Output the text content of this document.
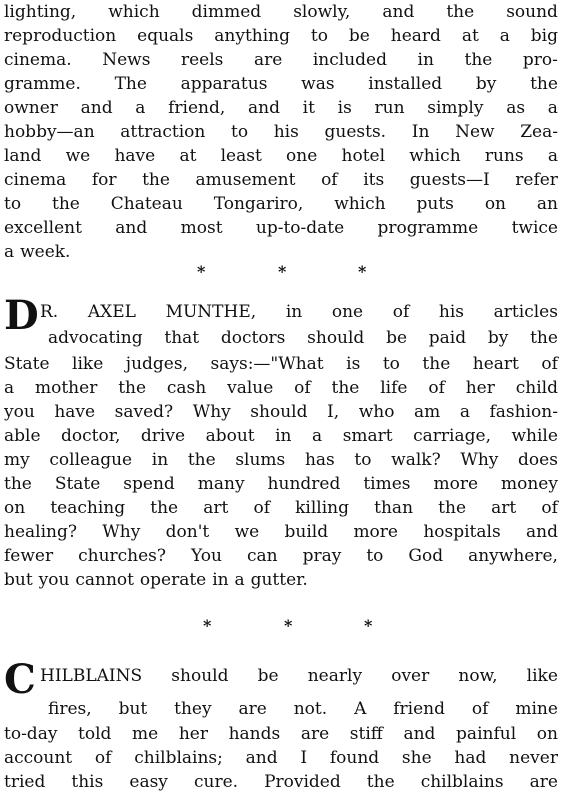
lighting, which dimmed slowly, and the sound
reproduction equals anything to be heard at a big
cinema. News reels are included in the pro-
gramme. The apparatus was installed by the
owner and a friend, and it is run simply as a
hobby—an attraction to his guests. In New Zea-
land we have at least one hotel which runs a
cinema for the amusement of its guests—I refer
to the Chateau Tongariro, which puts on an
excellent and most up-to-date programme twice
a week.
*	*	*
D R. AXEL MUNTHE, in one of his articles
advocating that doctors should be paid by the
State like judges, says:—"What is to the heart of
a mother the cash value of the life of her child
you have saved? Why should I, who am a fashion-
able doctor, drive about in a smart carriage, while
my colleague in the slums has to walk? Why does
the State spend many hundred times more money
on teaching the art of killing than the art of
healing? Why don't we build more hospitals and
fewer churches? You can pray to God anywhere,
but you cannot operate in a gutter.
*	*	*
C HILBLAINS should be nearly over now, like
fires, but they are not. A friend of mine
to-day told me her hands are stiff and painful on
account of chilblains; and I found she had never
tried this easy cure. Provided the chilblains are
